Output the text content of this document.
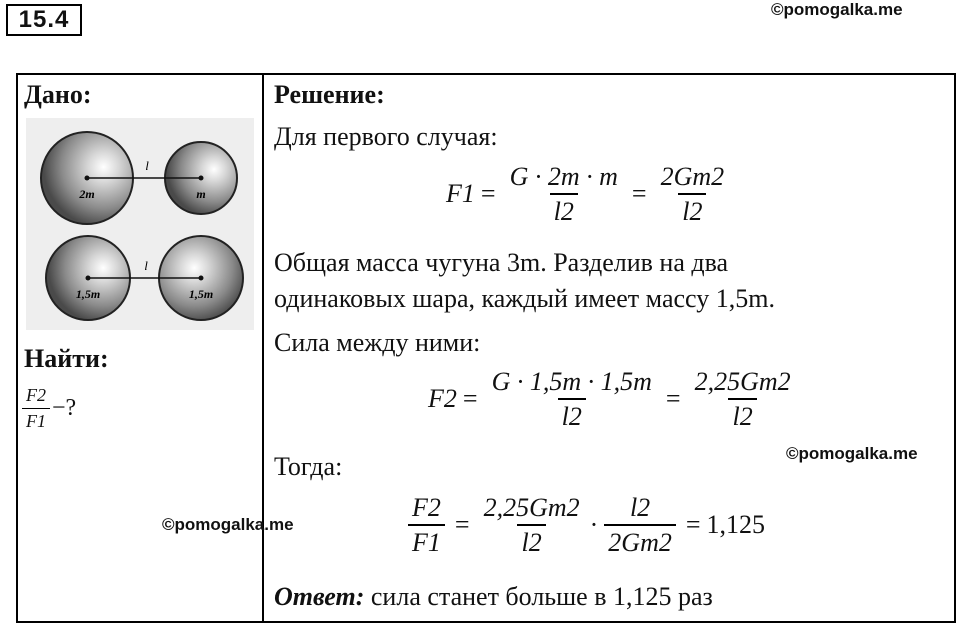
15.4	©pomogalka.me
Дано:
l
2m	m
l
1,5m	1,5m
Найти:
$\frac{F2}{F1}$ −?
Решение:
Для первого случая:
$F1 = \frac{G \cdot 2m \cdot m}{l2} = \frac{2Gm2}{l2}$
Общая масса чугуна 3m. Разделив на два
одинаковых шара, каждый имеет массу 1,5m.
Сила между ними:
$F2 = \frac{G \cdot 1,5m \cdot 1,5m}{l2} = \frac{2,25Gm2}{l2}$
Тогда:	©pomogalka.me
©pomogalka.me	$\frac{F2}{F1} = \frac{2,25Gm2}{l2} \cdot \frac{l2}{2Gm2} = 1,125$
Ответ: сила станет больше в 1,125 раз
